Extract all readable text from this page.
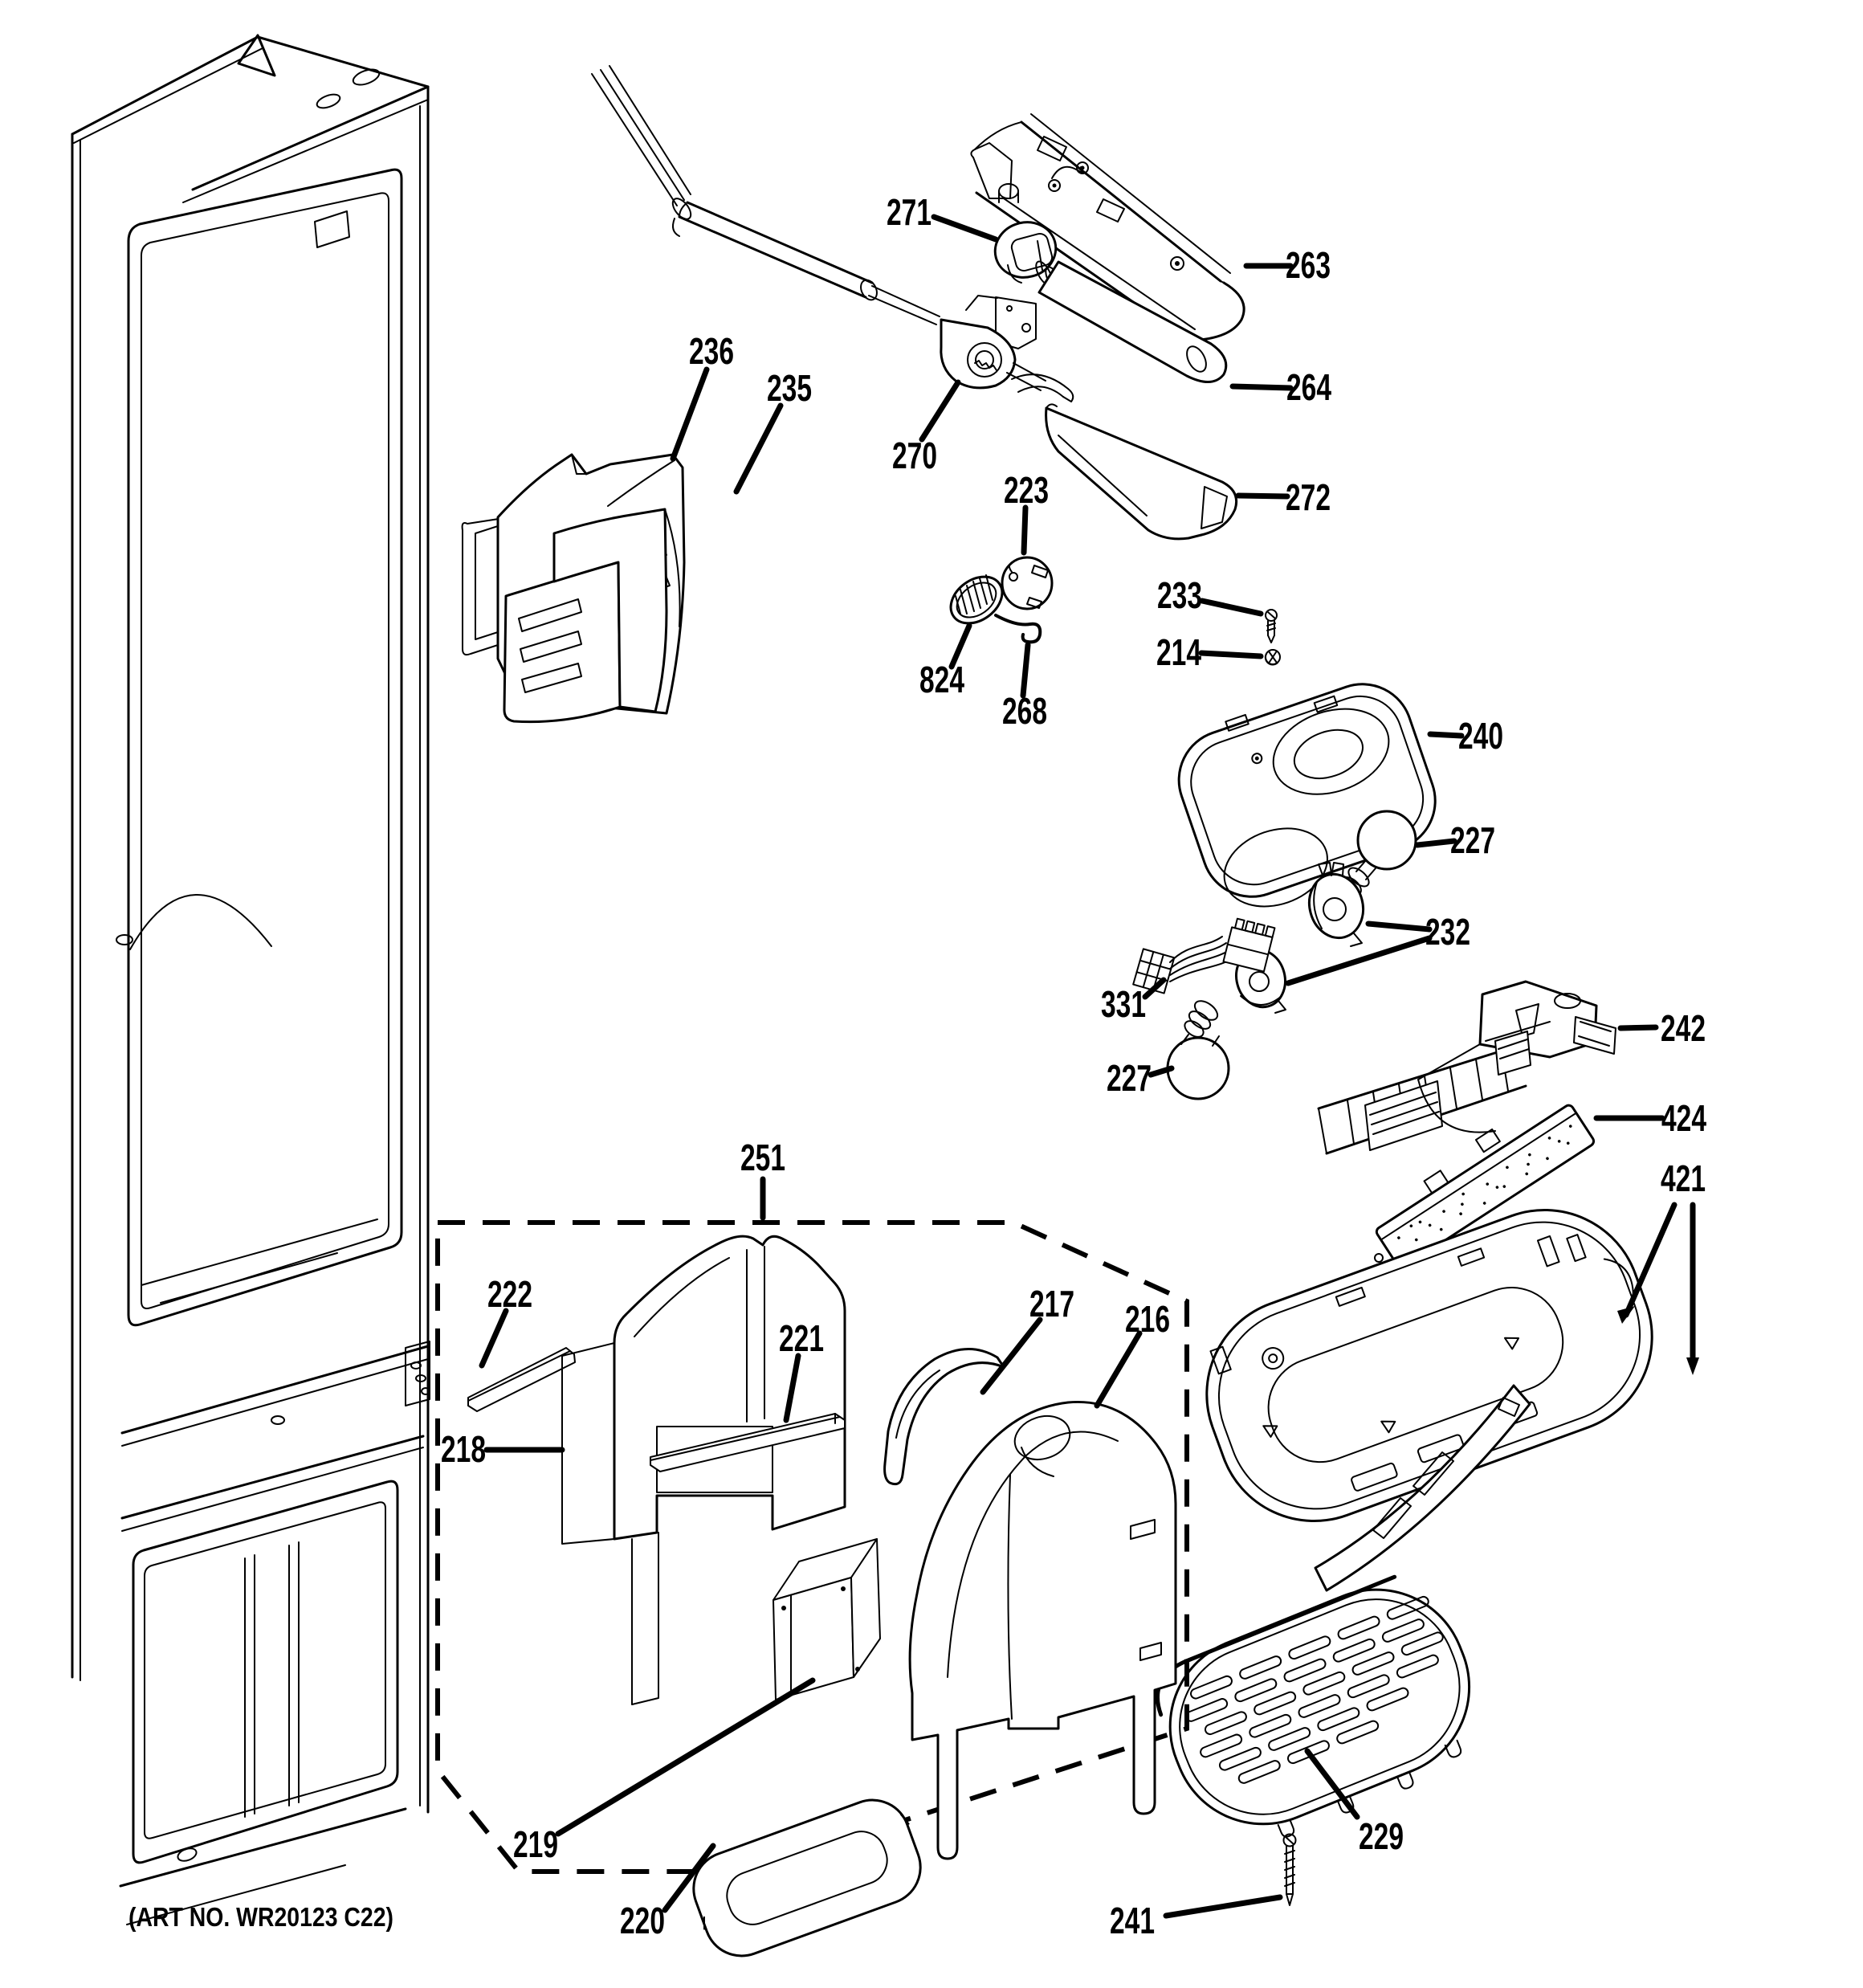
271
263
236
235	264
270
272
223
233
214
824
268
240
227
232
331
242
227
424
421
251
222
221
217 216
218
219
220
229
241
(ART NO. WR20123 C22)
